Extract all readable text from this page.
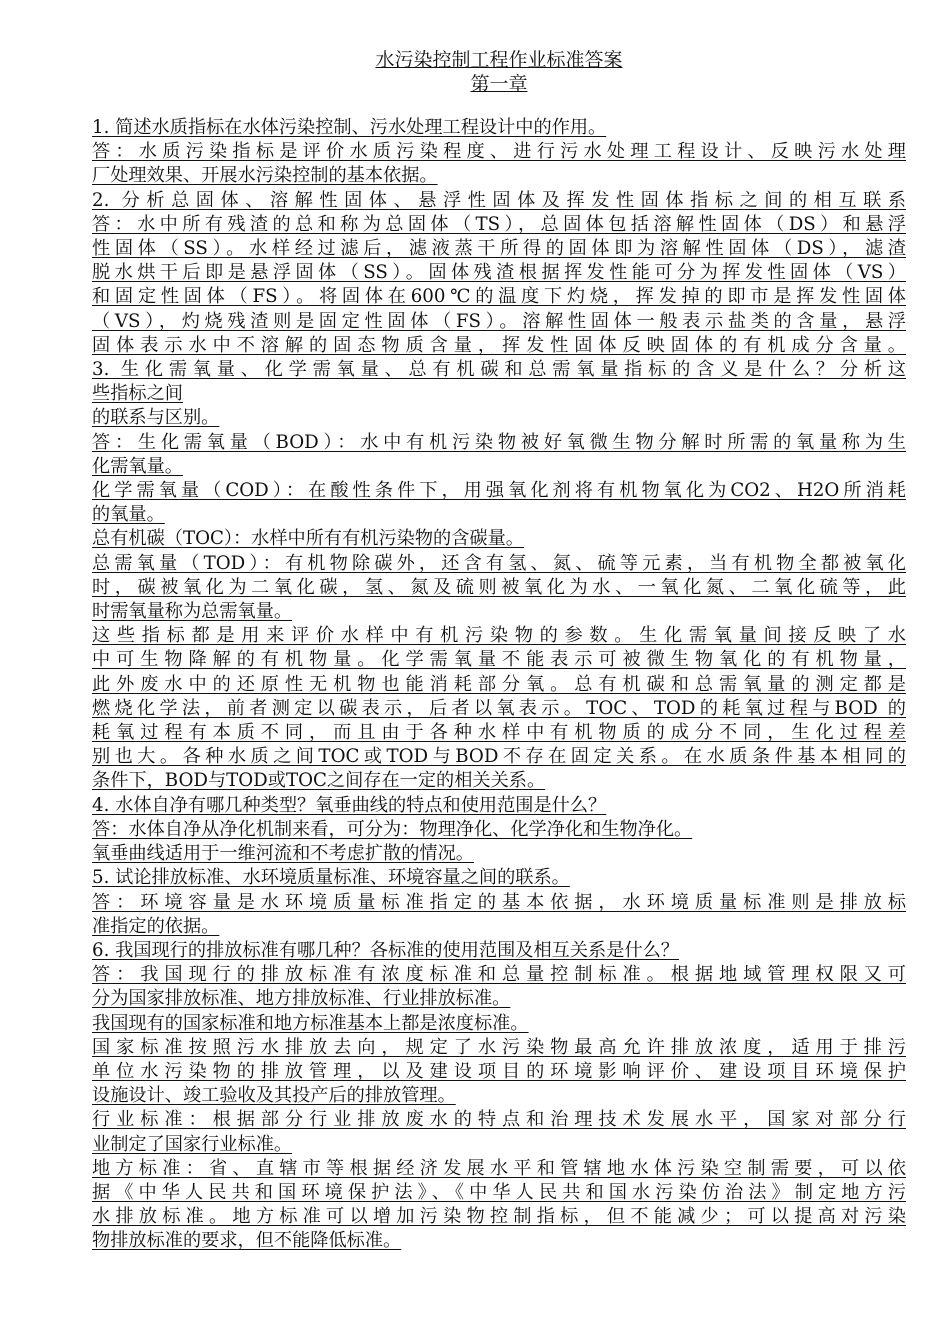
水污染控制工程作业标准答案

第一章

1. 简述水质指标在水体污染控制、污水处理工程设计中的作用。

答：水质污染指标是评价水质污染程度、进行污水处理工程设计、反映污水处理

厂处理效果、开展水污染控制的基本依据。

2. 分析总固体、溶解性固体、悬浮性固体及挥发性固体指标之间的相互联系

答：水中所有残渣的总和称为总固体（TS），总固体包括溶解性固体（DS）和悬浮

性固体（SS）。水样经过滤后，滤液蒸干所得的固体即为溶解性固体（DS），滤渣

脱水烘干后即是悬浮固体（SS）。固体残渣根据挥发性能可分为挥发性固体（VS）

和固定性固体（FS）。将固体在600℃的温度下灼烧，挥发掉的即市是挥发性固体

（VS），灼烧残渣则是固定性固体（FS）。溶解性固体一般表示盐类的含量，悬浮

固体表示水中不溶解的固态物质含量，挥发性固体反映固体的有机成分含量。

3. 生化需氧量、化学需氧量、总有机碳和总需氧量指标的含义是什么？分析这

些指标之间

的联系与区别。

答：生化需氧量（BOD）：水中有机污染物被好氧微生物分解时所需的氧量称为生

化需氧量。

化学需氧量（COD）：在酸性条件下，用强氧化剂将有机物氧化为CO2、H2O所消耗

的氧量。

总有机碳（TOC）：水样中所有有机污染物的含碳量。

总需氧量（TOD）：有机物除碳外，还含有氢、氮、硫等元素，当有机物全都被氧化

时，碳被氧化为二氧化碳，氢、氮及硫则被氧化为水、一氧化氮、二氧化硫等，此

时需氧量称为总需氧量。

这些指标都是用来评价水样中有机污染物的参数。生化需氧量间接反映了水

中可生物降解的有机物量。化学需氧量不能表示可被微生物氧化的有机物量，

此外废水中的还原性无机物也能消耗部分氧。总有机碳和总需氧量的测定都是

燃烧化学法，前者测定以碳表示，后者以氧表示。TOC、TOD的耗氧过程与BOD 的

耗氧过程有本质不同，而且由于各种水样中有机物质的成分不同，生化过程差

别也大。各种水质之间TOC或TOD与BOD不存在固定关系。在水质条件基本相同的

条件下，BOD与TOD或TOC之间存在一定的相关关系。

4. 水体自净有哪几种类型？氧垂曲线的特点和使用范围是什么？

答：水体自净从净化机制来看，可分为：物理净化、化学净化和生物净化。

氧垂曲线适用于一维河流和不考虑扩散的情况。

5. 试论排放标准、水环境质量标准、环境容量之间的联系。

答：环境容量是水环境质量标准指定的基本依据，水环境质量标准则是排放标

准指定的依据。

6. 我国现行的排放标准有哪几种？各标准的使用范围及相互关系是什么？

答：我国现行的排放标准有浓度标准和总量控制标准。根据地域管理权限又可

分为国家排放标准、地方排放标准、行业排放标准。

我国现有的国家标准和地方标准基本上都是浓度标准。

国家标准按照污水排放去向，规定了水污染物最高允许排放浓度，适用于排污

单位水污染物的排放管理，以及建设项目的环境影响评价、建设项目环境保护

设施设计、竣工验收及其投产后的排放管理。

行业标准：根据部分行业排放废水的特点和治理技术发展水平，国家对部分行

业制定了国家行业标准。

地方标准：省、直辖市等根据经济发展水平和管辖地水体污染空制需要，可以依

据《中华人民共和国环境保护法》、《中华人民共和国水污染仿治法》制定地方污

水排放标准。地方标准可以增加污染物控制指标，但不能减少；可以提高对污染

物排放标准的要求，但不能降低标准。
